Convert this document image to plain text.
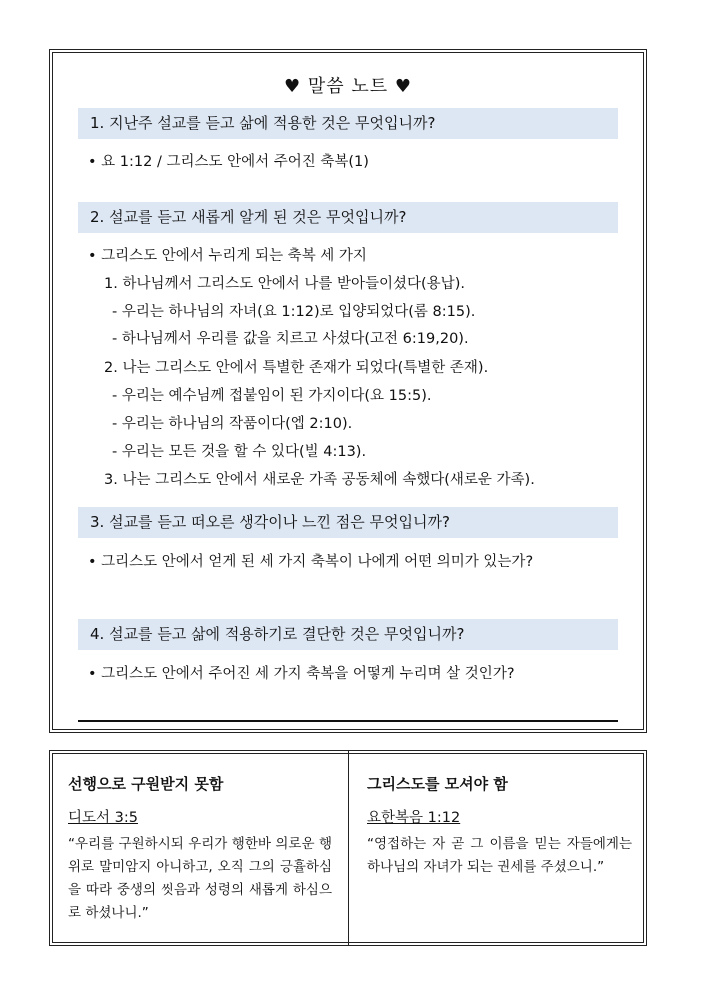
♥ 말씀 노트 ♥
1. 지난주 설교를 듣고 삶에 적용한 것은 무엇입니까?
• 요 1:12 / 그리스도 안에서 주어진 축복(1)
2. 설교를 듣고 새롭게 알게 된 것은 무엇입니까?
• 그리스도 안에서 누리게 되는 축복 세 가지
1. 하나님께서 그리스도 안에서 나를 받아들이셨다(용납).
- 우리는 하나님의 자녀(요 1:12)로 입양되었다(롬 8:15).
- 하나님께서 우리를 값을 치르고 사셨다(고전 6:19,20).
2. 나는 그리스도 안에서 특별한 존재가 되었다(특별한 존재).
- 우리는 예수님께 접붙임이 된 가지이다(요 15:5).
- 우리는 하나님의 작품이다(엡 2:10).
- 우리는 모든 것을 할 수 있다(빌 4:13).
3. 나는 그리스도 안에서 새로운 가족 공동체에 속했다(새로운 가족).
3. 설교를 듣고 떠오른 생각이나 느낀 점은 무엇입니까?
• 그리스도 안에서 얻게 된 세 가지 축복이 나에게 어떤 의미가 있는가?
4. 설교를 듣고 삶에 적용하기로 결단한 것은 무엇입니까?
• 그리스도 안에서 주어진 세 가지 축복을 어떻게 누리며 살 것인가?
선행으로 구원받지 못함
디도서 3:5
“우리를 구원하시되 우리가 행한바 의로운 행위로 말미암지 아니하고, 오직 그의 긍휼하심을 따라 중생의 씻음과 성령의 새롭게 하심으로 하셨나니.”
그리스도를 모셔야 함
요한복음 1:12
“영접하는 자 곧 그 이름을 믿는 자들에게는 하나님의 자녀가 되는 권세를 주셨으니.”
